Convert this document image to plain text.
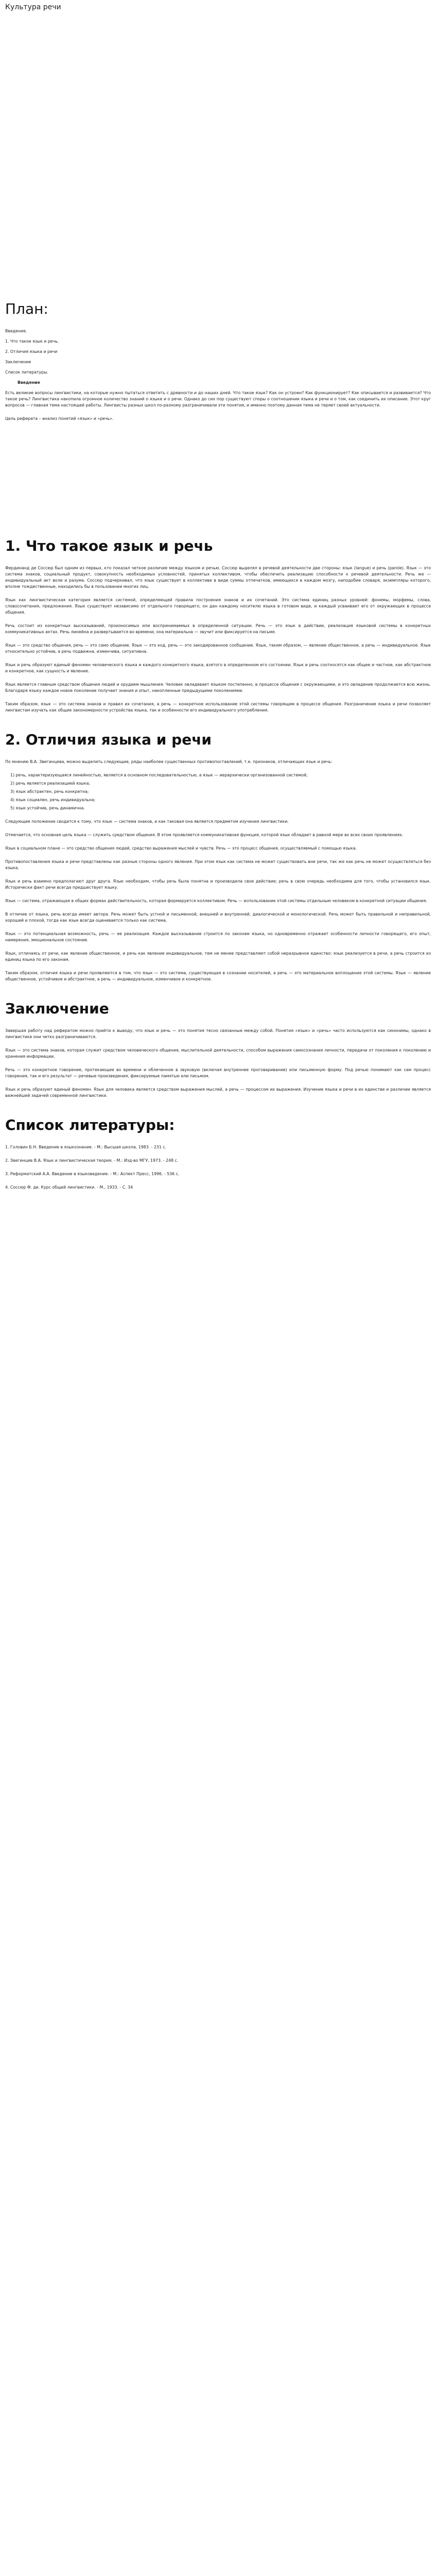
Культура речи
План:
Введение.
1. Что такое язык и речь.
2. Отличия языка и речи
Заключение
Список литературы.
Введение
Есть великие вопросы лингвистики, на которые нужно пытаться ответить с древности и до наших дней. Что такое язык? Как он устроен? Как функционирует? Как описывается и развивается? Что такое речь? Лингвистика накопила огромное количество знаний о языке и о речи. Однако до сих пор существуют споры о соотношении языка и речи и о том, как соединить их описание. Этот круг вопросов — главная тема настоящей работы. Лингвисты разных школ по-разному разграничивали эти понятия, и именно поэтому данная тема не теряет своей актуальности.
Цель реферата – анализ понятий «язык» и «речь».
1. Что такое язык и речь
Фердинанд де Соссюр был одним из первых, кто показал четкое различие между языком и речью. Соссюр выделял в речевой деятельности две стороны: язык (langue) и речь (parole). Язык — это система знаков, социальный продукт, совокупность необходимых условностей, принятых коллективом, чтобы обеспечить реализацию способности к речевой деятельности. Речь же — индивидуальный акт воли и разума. Соссюр подчеркивал, что язык существует в коллективе в виде суммы отпечатков, имеющихся в каждом мозгу, наподобие словаря, экземпляры которого, вполне тождественные, находились бы в пользовании многих лиц.
Язык как лингвистическая категория является системой, определяющей правила построения знаков и их сочетаний. Это система единиц разных уровней: фонемы, морфемы, слова, словосочетания, предложения. Язык существует независимо от отдельного говорящего, он дан каждому носителю языка в готовом виде, и каждый усваивает его от окружающих в процессе общения.
Речь состоит из конкретных высказываний, произносимых или воспринимаемых в определенной ситуации. Речь — это язык в действии, реализация языковой системы в конкретных коммуникативных актах. Речь линейна и развертывается во времени, она материальна — звучит или фиксируется на письме.
Язык — это средство общения, речь — это само общение. Язык — это код, речь — это закодированное сообщение. Язык, таким образом, — явление общественное, а речь — индивидуальное. Язык относительно устойчив, а речь подвижна, изменчива, ситуативна.
Язык и речь образуют единый феномен человеческого языка и каждого конкретного языка, взятого в определенном его состоянии. Язык и речь соотносятся как общее и частное, как абстрактное и конкретное, как сущность и явление.
Язык является главным средством общения людей и орудием мышления. Человек овладевает языком постепенно, в процессе общения с окружающими, и это овладение продолжается всю жизнь. Благодаря языку каждое новое поколение получает знания и опыт, накопленные предыдущими поколениями.
Таким образом, язык — это система знаков и правил их сочетания, а речь — конкретное использование этой системы говорящим в процессе общения. Разграничение языка и речи позволяет лингвистам изучать как общие закономерности устройства языка, так и особенности его индивидуального употребления.
2. Отличия языка и речи
По мнению В.А. Звегинцева, можно выделить следующие, ряды наиболее существенных противопоставлений, т.е. признаков, отличающих язык и речь:
1) речь, характеризующаяся линейностью, является в основном последовательностью, а язык — иерархически организованной системой;
2) речь является реализацией языка;
3) язык абстрактен, речь конкретна;
4) язык социален, речь индивидуальна;
5) язык устойчив, речь динамична.
Следующее положение сводится к тому, что язык — система знаков, и как таковая она является предметом изучения лингвистики.
Отмечается, что основная цель языка — служить средством общения. В этом проявляется коммуникативная функция, которой язык обладает в равной мере во всех своих проявлениях.
Язык в социальном плане — это средство общения людей, средство выражения мыслей и чувств. Речь — это процесс общения, осуществляемый с помощью языка.
Противопоставления языка и речи представлены как разные стороны одного явления. При этом язык как система не может существовать вне речи, так же как речь не может осуществляться без языка.
Язык и речь взаимно предполагают друг друга. Язык необходим, чтобы речь была понятна и производила свое действие; речь в свою очередь необходима для того, чтобы установился язык. Исторически факт речи всегда предшествует языку.
Язык — система, отражающая в общих формах действительность, которая формируется коллективом. Речь — использование этой системы отдельным человеком в конкретной ситуации общения.
В отличие от языка, речь всегда имеет автора. Речь может быть устной и письменной, внешней и внутренней, диалогической и монологической. Речь может быть правильной и неправильной, хорошей и плохой, тогда как язык всегда оценивается только как система.
Язык — это потенциальная возможность, речь — ее реализация. Каждое высказывание строится по законам языка, но одновременно отражает особенности личности говорящего, его опыт, намерения, эмоциональное состояние.
Язык, отличаясь от речи, как явление общественное, и речь как явление индивидуальное, тем не менее представляют собой неразрывное единство: язык реализуется в речи, а речь строится из единиц языка по его законам.
Таким образом, отличия языка и речи проявляются в том, что язык — это система, существующая в сознании носителей, а речь — это материальное воплощение этой системы. Язык — явление общественное, устойчивое и абстрактное, а речь — индивидуальное, изменчивое и конкретное.
Заключение
Завершая работу над рефератом можно прийти к выводу, что язык и речь — это понятия тесно связанные между собой. Понятия «язык» и «речь» часто используются как синонимы, однако в лингвистике они четко разграничиваются.
Язык — это система знаков, которая служит средством человеческого общения, мыслительной деятельности, способом выражения самосознания личности, передачи от поколения к поколению и хранения информации.
Речь — это конкретное говорение, протекающее во времени и облеченное в звуковую (включая внутреннее проговаривание) или письменную форму. Под речью понимают как сам процесс говорения, так и его результат — речевые произведения, фиксируемые памятью или письмом.
Язык и речь образуют единый феномен. Язык для человека является средством выражения мыслей, а речь — процессом их выражения. Изучение языка и речи в их единстве и различии является важнейшей задачей современной лингвистики.
Список литературы:
1. Головин Б.Н. Введение в языкознание. - М.: Высшая школа, 1983. - 231 с.
2. Звегинцев В.А. Язык и лингвистическая теория. - М.: Изд-во МГУ, 1973. - 248 с.
3. Реформатский А.А. Введение в языковедение. - М.: Аспект Пресс, 1996. - 536 с.
4. Соссюр Ф. де. Курс общей лингвистики. - М., 1933. - С. 34
